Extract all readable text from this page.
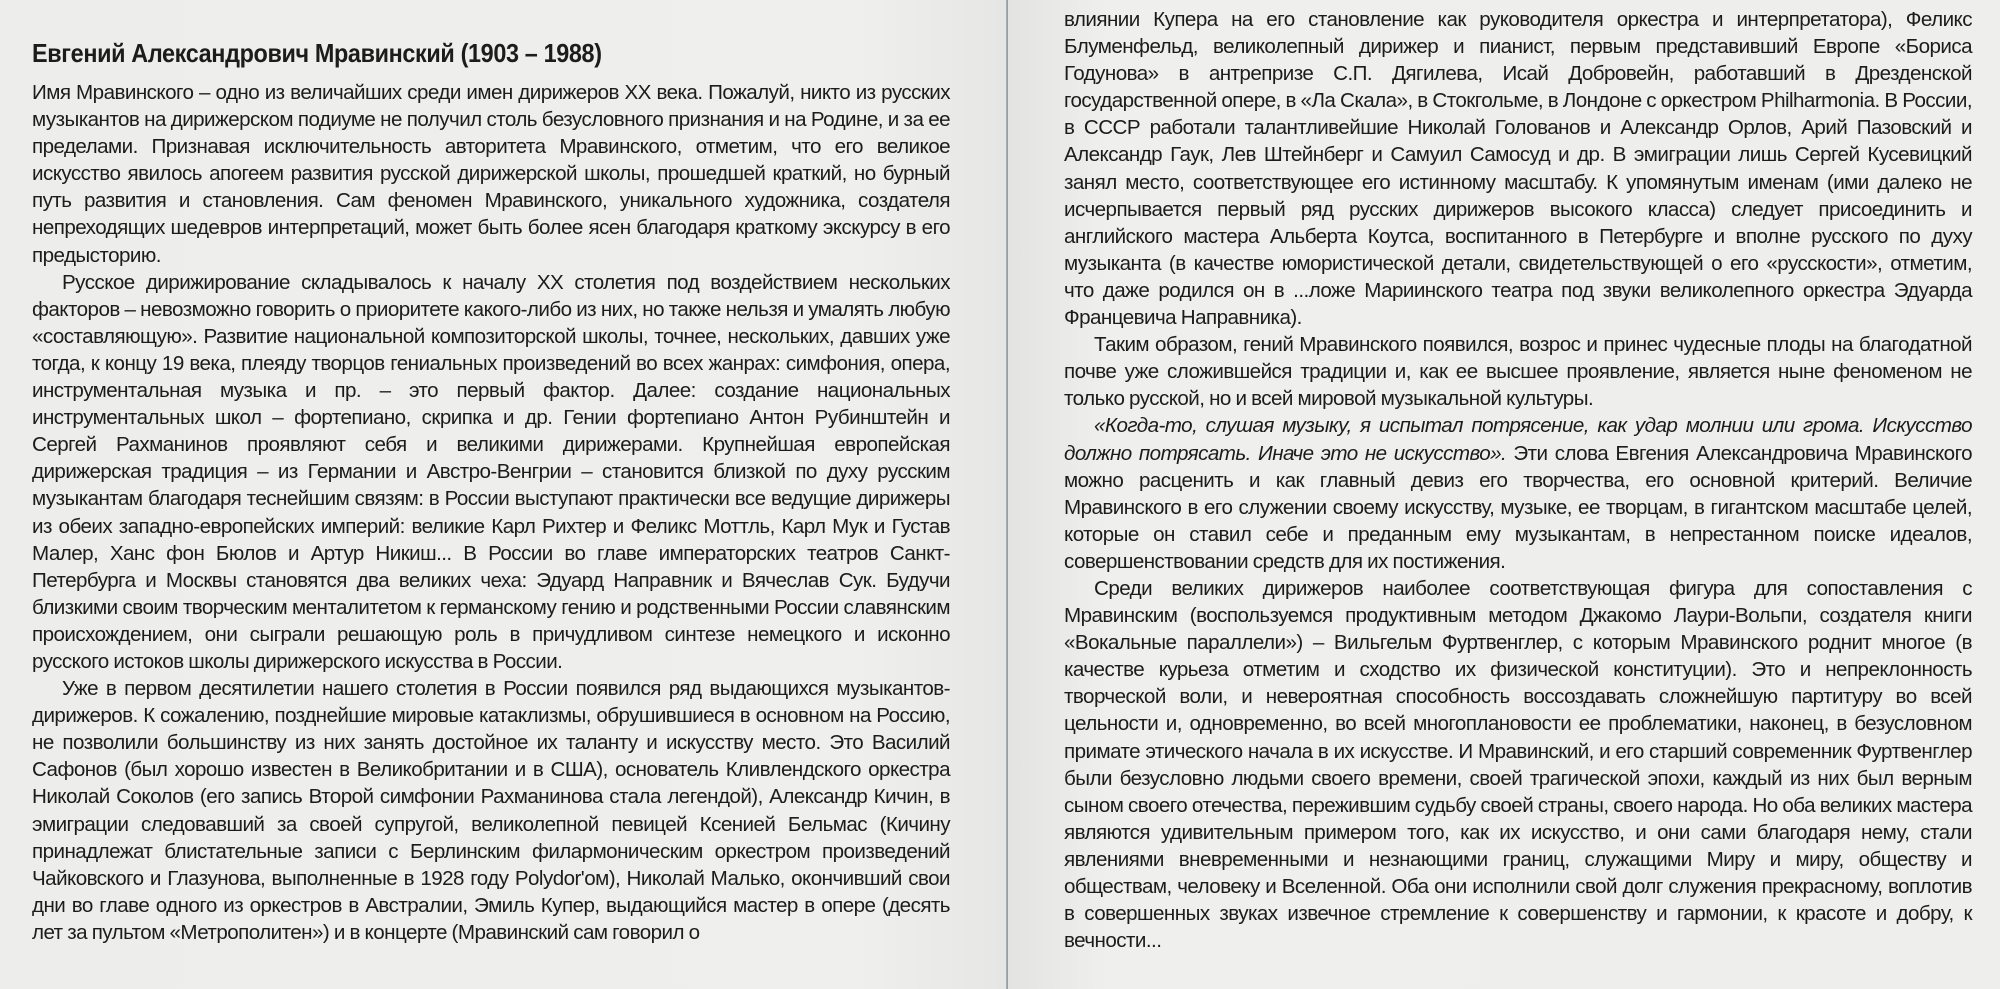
Евгений Александрович Мравинский (1903 – 1988)

Имя Мравинского – одно из величайших среди имен дирижеров XX века. Пожалуй, никто из русских музыкантов на дирижерском подиуме не получил столь безусловного признания и на Родине, и за ее пределами. Признавая исключительность авторитета Мравинского, отметим, что его великое искусство явилось апогеем развития русской дирижерской школы, прошедшей краткий, но бурный путь развития и становления. Сам феномен Мравинского, уникального художника, создателя непреходящих шедевров интерпретаций, может быть более ясен благодаря краткому экскурсу в его предысторию.

Русское дирижирование складывалось к началу XX столетия под воздействием нескольких факторов – невозможно говорить о приоритете какого-либо из них, но также нельзя и умалять любую «составляющую». Развитие национальной композиторской школы, точнее, нескольких, давших уже тогда, к концу 19 века, плеяду творцов гениальных произведений во всех жанрах: симфония, опера, инструментальная музыка и пр. – это первый фактор. Далее: создание национальных инструментальных школ – фортепиано, скрипка и др. Гении фортепиано Антон Рубинштейн и Сергей Рахманинов проявляют себя и великими дирижерами. Крупнейшая европейская дирижерская традиция – из Германии и Австро-Венгрии – становится близкой по духу русским музыкантам благодаря теснейшим связям: в России выступают практически все ведущие дирижеры из обеих западно-европейских империй: великие Карл Рихтер и Феликс Моттль, Карл Мук и Густав Малер, Ханс фон Бюлов и Артур Никиш... В России во главе императорских театров Санкт-Петербурга и Москвы становятся два великих чеха: Эдуард Направник и Вячеслав Сук. Будучи близкими своим творческим менталитетом к германскому гению и родственными России славянским происхождением, они сыграли решающую роль в причудливом синтезе немецкого и исконно русского истоков школы дирижерского искусства в России.

Уже в первом десятилетии нашего столетия в России появился ряд выдающихся музыкантов-дирижеров. К сожалению, позднейшие мировые катаклизмы, обрушившиеся в основном на Россию, не позволили большинству из них занять достойное их таланту и искусству место. Это Василий Сафонов (был хорошо известен в Великобритании и в США), основатель Кливлендского оркестра Николай Соколов (его запись Второй симфонии Рахманинова стала легендой), Александр Кичин, в эмиграции следовавший за своей супругой, великолепной певицей Ксенией Бельмас (Кичину принадлежат блистательные записи с Берлинским филармоническим оркестром произведений Чайковского и Глазунова, выполненные в 1928 году Polydor'ом), Николай Малько, окончивший свои дни во главе одного из оркестров в Австралии, Эмиль Купер, выдающийся мастер в опере (десять лет за пультом «Метрополитен») и в концерте (Мравинский сам говорил о

влиянии Купера на его становление как руководителя оркестра и интерпретатора), Феликс Блуменфельд, великолепный дирижер и пианист, первым представивший Европе «Бориса Годунова» в антрепризе С.П. Дягилева, Исай Добровейн, работавший в Дрезденской государственной опере, в «Ла Скала», в Стокгольме, в Лондоне с оркестром Philharmonia. В России, в СССР работали талантливейшие Николай Голованов и Александр Орлов, Арий Пазовский и Александр Гаук, Лев Штейнберг и Самуил Самосуд и др. В эмиграции лишь Сергей Кусевицкий занял место, соответствующее его истинному масштабу. К упомянутым именам (ими далеко не исчерпывается первый ряд русских дирижеров высокого класса) следует присоединить и английского мастера Альберта Коутса, воспитанного в Петербурге и вполне русского по духу музыканта (в качестве юмористической детали, свидетельствующей о его «русскости», отметим, что даже родился он в ...ложе Мариинского театра под звуки великолепного оркестра Эдуарда Францевича Направника).

Таким образом, гений Мравинского появился, возрос и принес чудесные плоды на благодатной почве уже сложившейся традиции и, как ее высшее проявление, является ныне феноменом не только русской, но и всей мировой музыкальной культуры.

«Когда-то, слушая музыку, я испытал потрясение, как удар молнии или грома. Искусство должно потрясать. Иначе это не искусство». Эти слова Евгения Александровича Мравинского можно расценить и как главный девиз его творчества, его основной критерий. Величие Мравинского в его служении своему искусству, музыке, ее творцам, в гигантском масштабе целей, которые он ставил себе и преданным ему музыкантам, в непрестанном поиске идеалов, совершенствовании средств для их постижения.

Среди великих дирижеров наиболее соответствующая фигура для сопоставления с Мравинским (воспользуемся продуктивным методом Джакомо Лаури-Вольпи, создателя книги «Вокальные параллели») – Вильгельм Фуртвенглер, с которым Мравинского роднит многое (в качестве курьеза отметим и сходство их физической конституции). Это и непреклонность творческой воли, и невероятная способность воссоздавать сложнейшую партитуру во всей цельности и, одновременно, во всей многоплановости ее проблематики, наконец, в безусловном примате этического начала в их искусстве. И Мравинский, и его старший современник Фуртвенглер были безусловно людьми своего времени, своей трагической эпохи, каждый из них был верным сыном своего отечества, пережившим судьбу своей страны, своего народа. Но оба великих мастера являются удивительным примером того, как их искусство, и они сами благодаря нему, стали явлениями вневременными и незнающими границ, служащими Миру и миру, обществу и обществам, человеку и Вселенной. Оба они исполнили свой долг служения прекрасному, воплотив в совершенных звуках извечное стремление к совершенству и гармонии, к красоте и добру, к вечности...
